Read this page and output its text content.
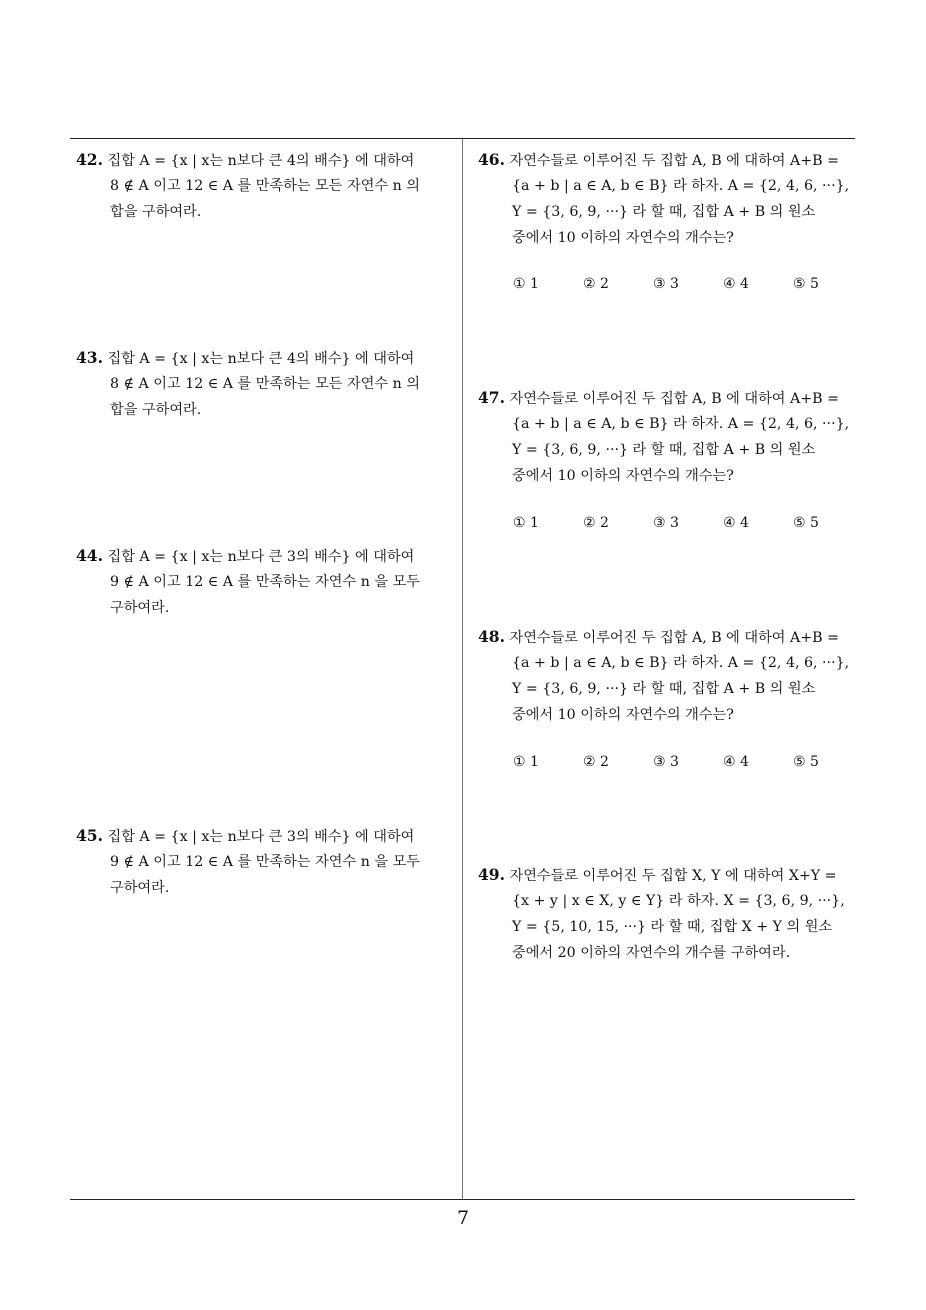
42. 집합 A = {x | x는 n보다 큰 4의 배수} 에 대하여
8 ∉ A 이고 12 ∈ A 를 만족하는 모든 자연수 n 의
합을 구하여라.
43. 집합 A = {x | x는 n보다 큰 4의 배수} 에 대하여
8 ∉ A 이고 12 ∈ A 를 만족하는 모든 자연수 n 의
합을 구하여라.
44. 집합 A = {x | x는 n보다 큰 3의 배수} 에 대하여
9 ∉ A 이고 12 ∈ A 를 만족하는 자연수 n 을 모두
구하여라.
45. 집합 A = {x | x는 n보다 큰 3의 배수} 에 대하여
9 ∉ A 이고 12 ∈ A 를 만족하는 자연수 n 을 모두
구하여라.
46. 자연수들로 이루어진 두 집합 A, B 에 대하여 A+B =
{a + b | a ∈ A, b ∈ B} 라 하자. A = {2, 4, 6, ···},
Y = {3, 6, 9, ···} 라 할 때, 집합 A + B 의 원소
중에서 10 이하의 자연수의 개수는?
① 1	② 2	③ 3	④ 4	⑤ 5
47. 자연수들로 이루어진 두 집합 A, B 에 대하여 A+B =
{a + b | a ∈ A, b ∈ B} 라 하자. A = {2, 4, 6, ···},
Y = {3, 6, 9, ···} 라 할 때, 집합 A + B 의 원소
중에서 10 이하의 자연수의 개수는?
① 1	② 2	③ 3	④ 4	⑤ 5
48. 자연수들로 이루어진 두 집합 A, B 에 대하여 A+B =
{a + b | a ∈ A, b ∈ B} 라 하자. A = {2, 4, 6, ···},
Y = {3, 6, 9, ···} 라 할 때, 집합 A + B 의 원소
중에서 10 이하의 자연수의 개수는?
① 1	② 2	③ 3	④ 4	⑤ 5
49. 자연수들로 이루어진 두 집합 X, Y 에 대하여 X+Y =
{x + y | x ∈ X, y ∈ Y} 라 하자. X = {3, 6, 9, ···},
Y = {5, 10, 15, ···} 라 할 때, 집합 X + Y 의 원소
중에서 20 이하의 자연수의 개수를 구하여라.
7
